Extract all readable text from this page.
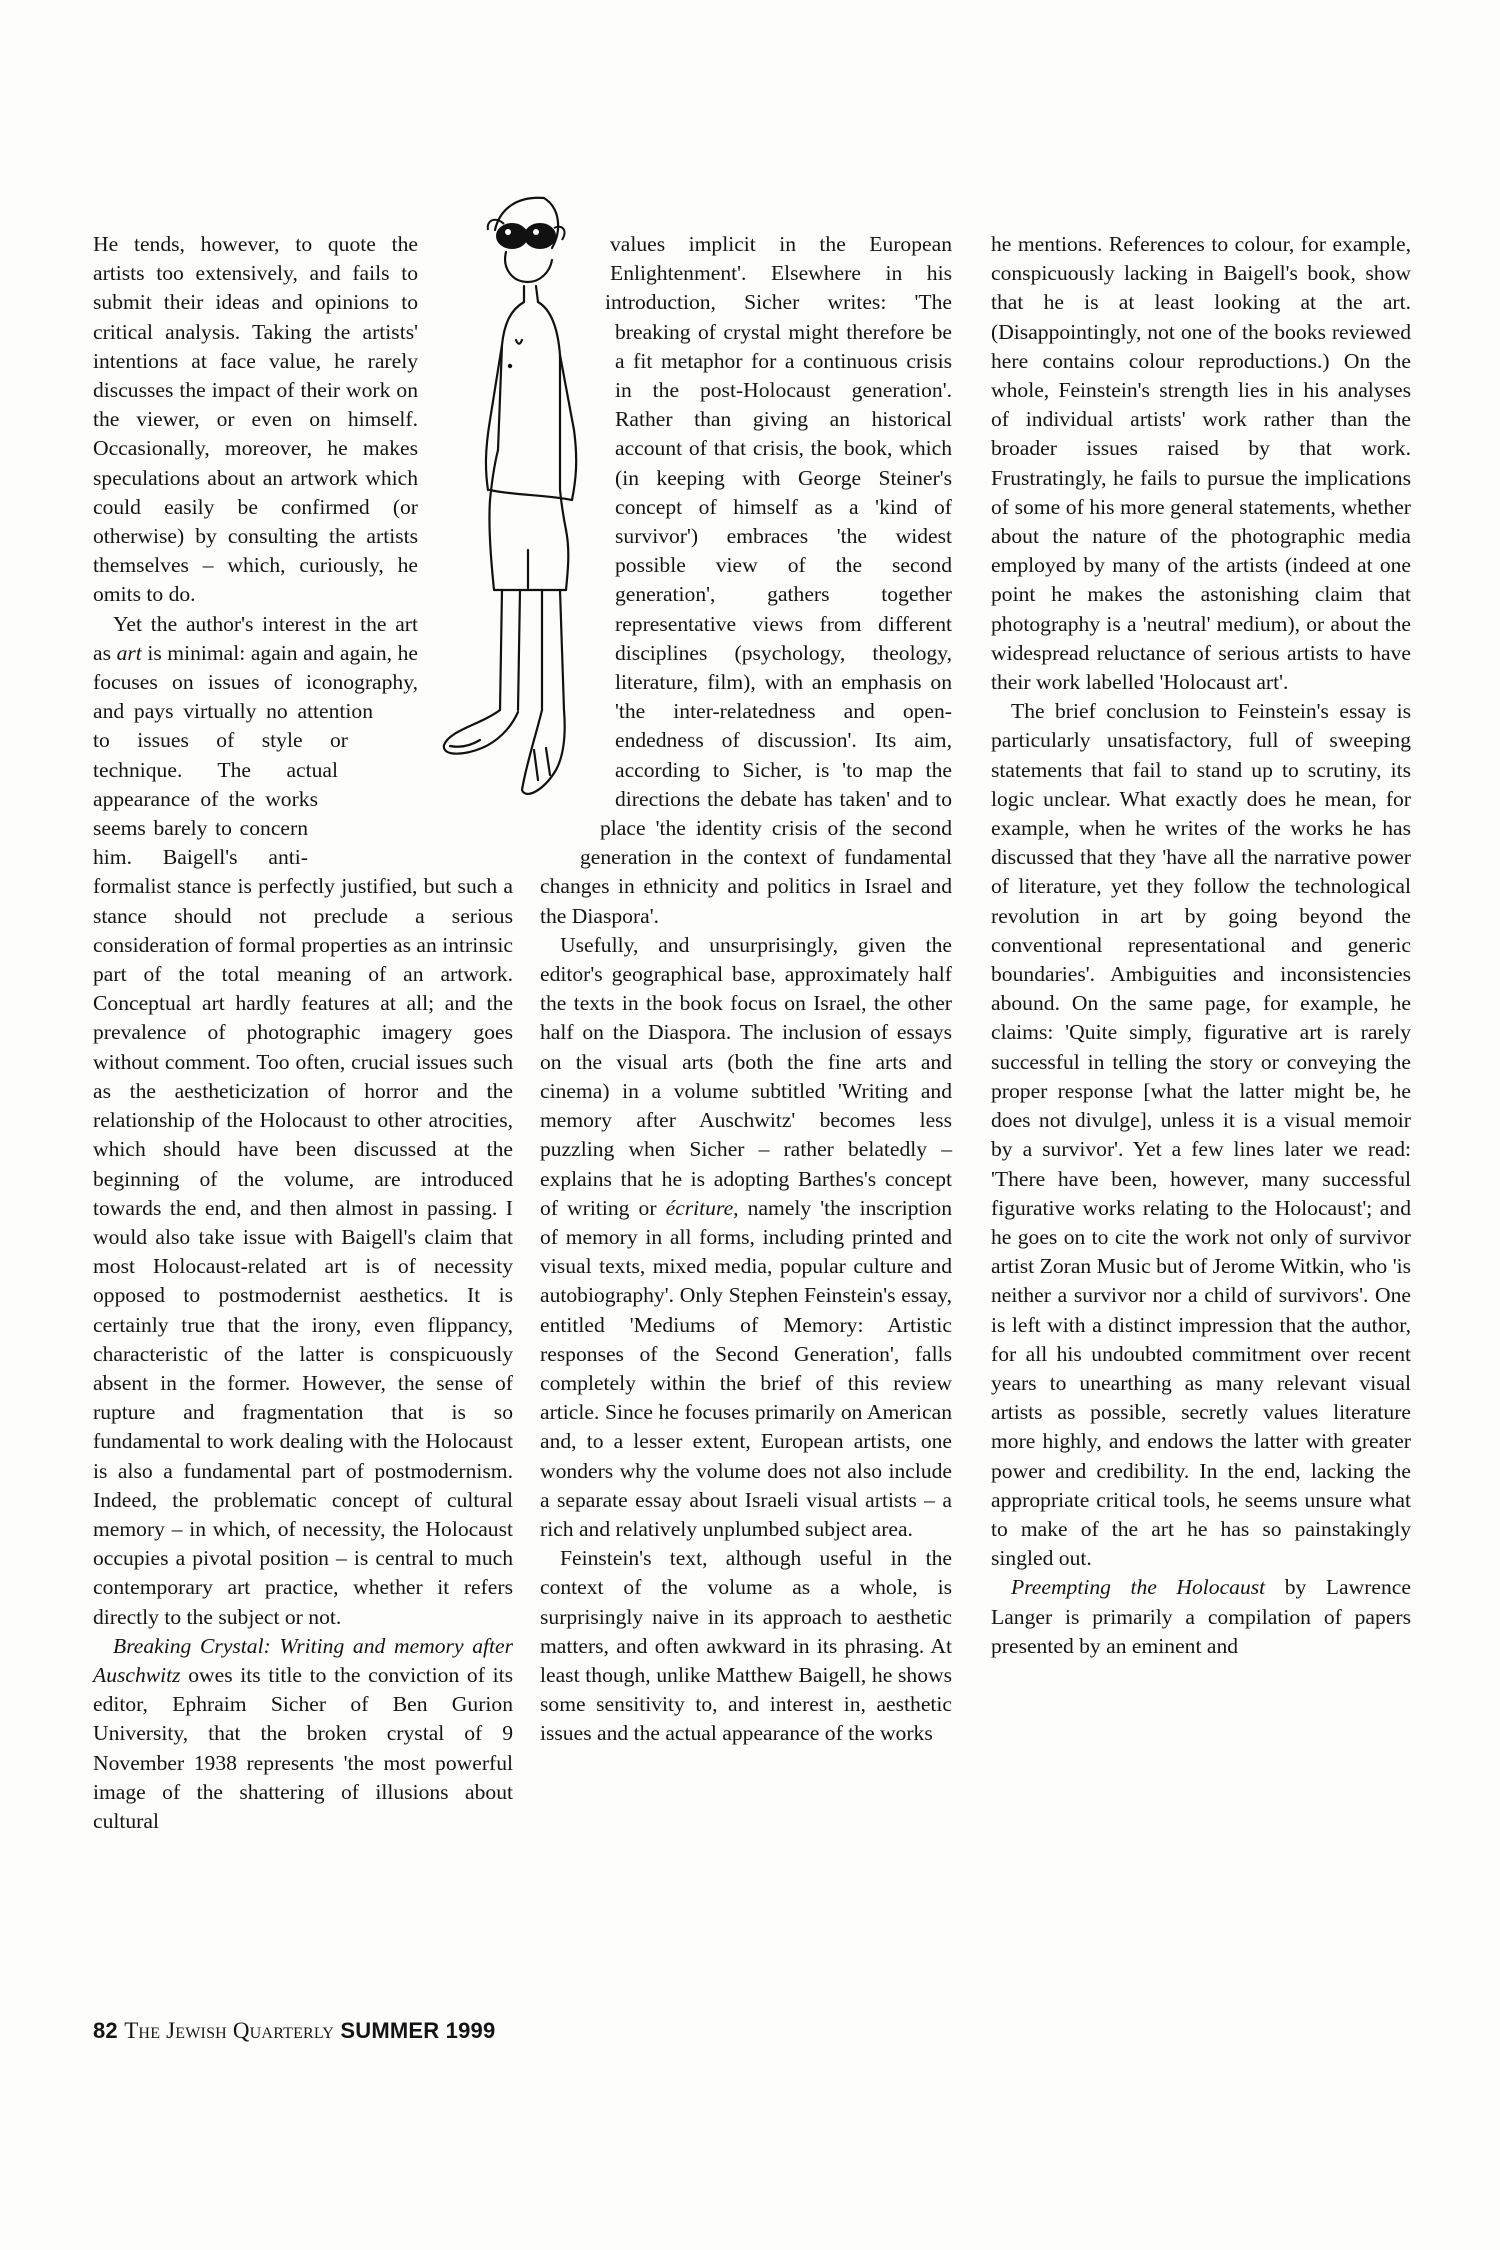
He tends, however, to quote the artists too extensively, and fails to submit their ideas and opinions to critical analysis. Taking the artists' intentions at face value, he rarely discusses the impact of their work on the viewer, or even on himself. Occasionally, moreover, he makes speculations about an artwork which could easily be confirmed (or otherwise) by consulting the artists themselves – which, curiously, he omits to do.

Yet the author's interest in the art as art is minimal: again and again, he focuses on issues of iconography, and pays virtually no attention to issues of style or technique. The actual appearance of the works seems barely to concern him. Baigell's anti-formalist stance is perfectly justified, but such a stance should not preclude a serious consideration of formal properties as an intrinsic part of the total meaning of an artwork. Conceptual art hardly features at all; and the prevalence of photographic imagery goes without comment. Too often, crucial issues such as the aestheticization of horror and the relationship of the Holocaust to other atrocities, which should have been discussed at the beginning of the volume, are introduced towards the end, and then almost in passing. I would also take issue with Baigell's claim that most Holocaust-related art is of necessity opposed to postmodernist aesthetics. It is certainly true that the irony, even flippancy, characteristic of the latter is conspicuously absent in the former. However, the sense of rupture and fragmentation that is so fundamental to work dealing with the Holocaust is also a fundamental part of postmodernism. Indeed, the problematic concept of cultural memory – in which, of necessity, the Holocaust occupies a pivotal position – is central to much contemporary art practice, whether it refers directly to the subject or not.

Breaking Crystal: Writing and memory after Auschwitz owes its title to the conviction of its editor, Ephraim Sicher of Ben Gurion University, that the broken crystal of 9 November 1938 represents 'the most powerful image of the shattering of illusions about cultural

values implicit in the European Enlightenment'. Elsewhere in his introduction, Sicher writes: 'The breaking of crystal might therefore be a fit metaphor for a continuous crisis in the post-Holocaust generation'. Rather than giving an historical account of that crisis, the book, which (in keeping with George Steiner's concept of himself as a 'kind of survivor') embraces 'the widest possible view of the second generation', gathers together representative views from different disciplines (psychology, theology, literature, film), with an emphasis on 'the inter-relatedness and open-endedness of discussion'. Its aim, according to Sicher, is 'to map the directions the debate has taken' and to place 'the identity crisis of the second generation in the context of fundamental changes in ethnicity and politics in Israel and the Diaspora'.

Usefully, and unsurprisingly, given the editor's geographical base, approximately half the texts in the book focus on Israel, the other half on the Diaspora. The inclusion of essays on the visual arts (both the fine arts and cinema) in a volume subtitled 'Writing and memory after Auschwitz' becomes less puzzling when Sicher – rather belatedly – explains that he is adopting Barthes's concept of writing or écriture, namely 'the inscription of memory in all forms, including printed and visual texts, mixed media, popular culture and autobiography'. Only Stephen Feinstein's essay, entitled 'Mediums of Memory: Artistic responses of the Second Generation', falls completely within the brief of this review article. Since he focuses primarily on American and, to a lesser extent, European artists, one wonders why the volume does not also include a separate essay about Israeli visual artists – a rich and relatively unplumbed subject area.

Feinstein's text, although useful in the context of the volume as a whole, is surprisingly naive in its approach to aesthetic matters, and often awkward in its phrasing. At least though, unlike Matthew Baigell, he shows some sensitivity to, and interest in, aesthetic issues and the actual appearance of the works

he mentions. References to colour, for example, conspicuously lacking in Baigell's book, show that he is at least looking at the art. (Disappointingly, not one of the books reviewed here contains colour reproductions.) On the whole, Feinstein's strength lies in his analyses of individual artists' work rather than the broader issues raised by that work. Frustratingly, he fails to pursue the implications of some of his more general statements, whether about the nature of the photographic media employed by many of the artists (indeed at one point he makes the astonishing claim that photography is a 'neutral' medium), or about the widespread reluctance of serious artists to have their work labelled 'Holocaust art'.

The brief conclusion to Feinstein's essay is particularly unsatisfactory, full of sweeping statements that fail to stand up to scrutiny, its logic unclear. What exactly does he mean, for example, when he writes of the works he has discussed that they 'have all the narrative power of literature, yet they follow the technological revolution in art by going beyond the conventional representational and generic boundaries'. Ambiguities and inconsistencies abound. On the same page, for example, he claims: 'Quite simply, figurative art is rarely successful in telling the story or conveying the proper response [what the latter might be, he does not divulge], unless it is a visual memoir by a survivor'. Yet a few lines later we read: 'There have been, however, many successful figurative works relating to the Holocaust'; and he goes on to cite the work not only of survivor artist Zoran Music but of Jerome Witkin, who 'is neither a survivor nor a child of survivors'. One is left with a distinct impression that the author, for all his undoubted commitment over recent years to unearthing as many relevant visual artists as possible, secretly values literature more highly, and endows the latter with greater power and credibility. In the end, lacking the appropriate critical tools, he seems unsure what to make of the art he has so painstakingly singled out.

Preempting the Holocaust by Lawrence Langer is primarily a compilation of papers presented by an eminent and

82 The Jewish Quarterly SUMMER 1999
